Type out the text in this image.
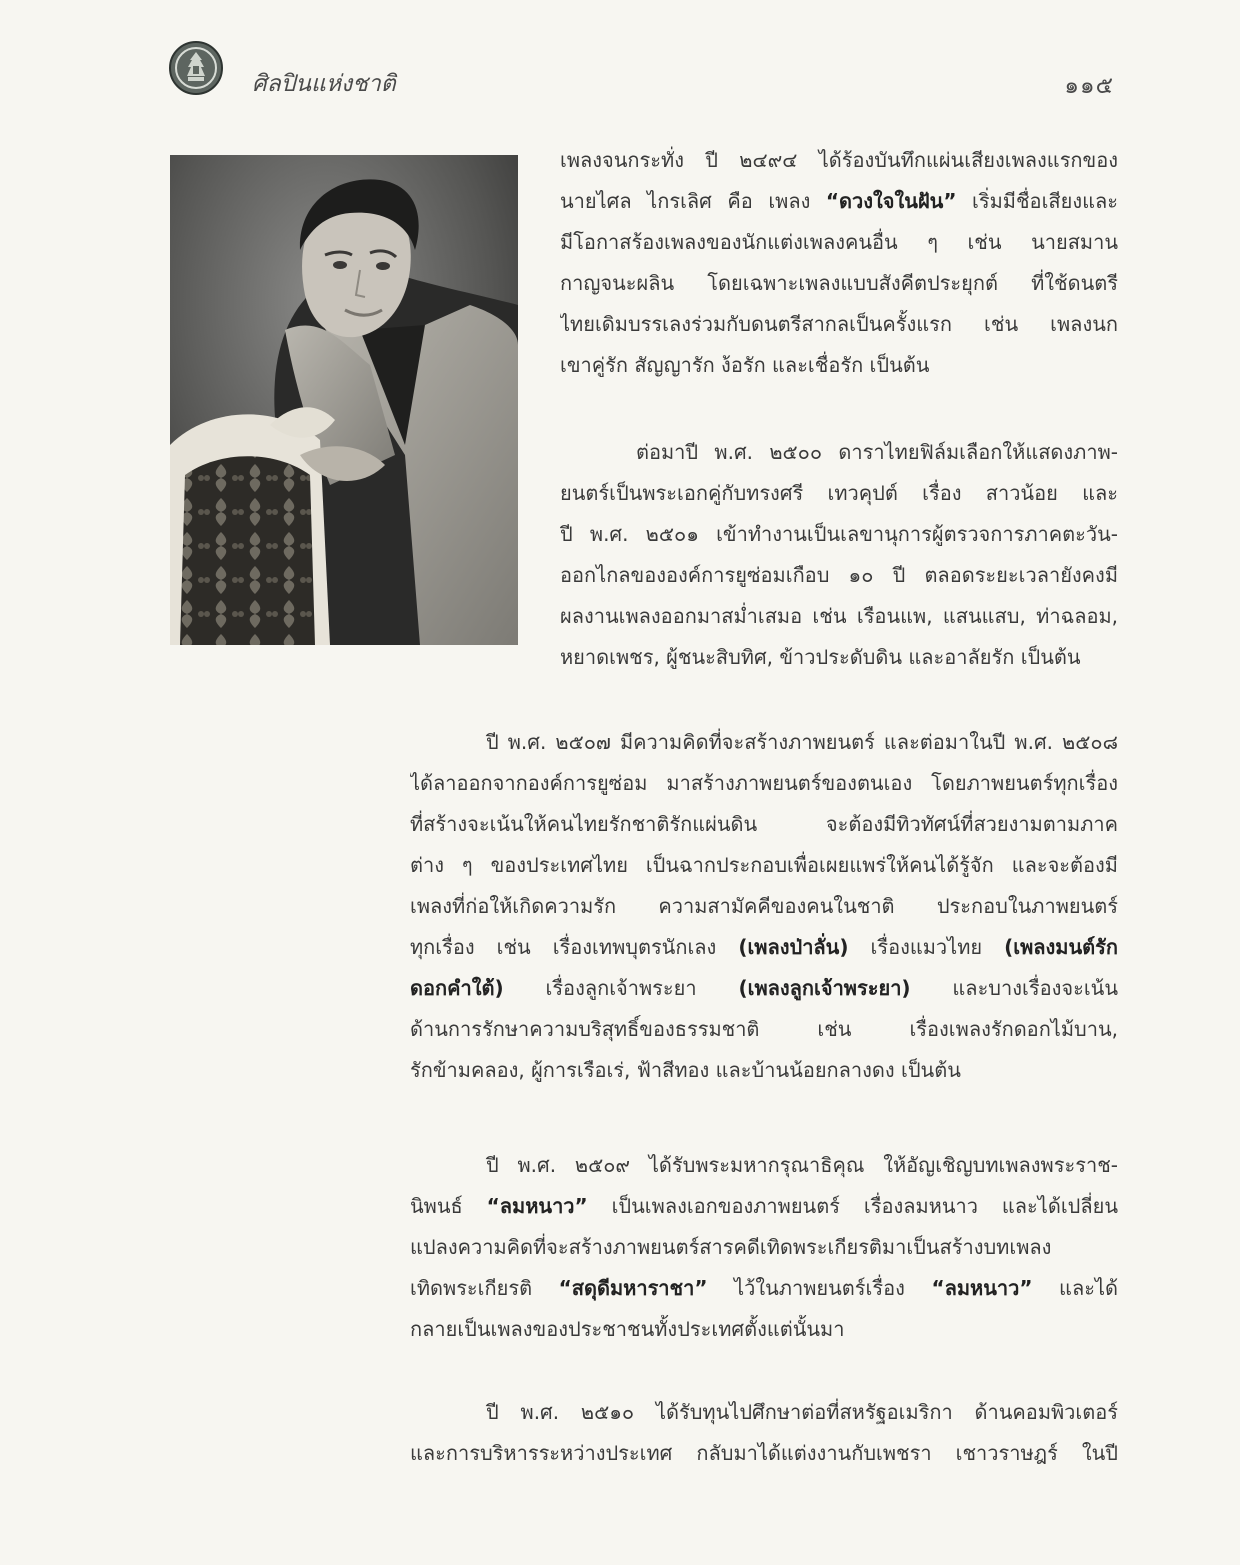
ศิลปินแห่งชาติ	๑๑๕
เพลงจนกระทั่ง ปี ๒๔๙๔ ได้ร้องบันทึกแผ่นเสียงเพลงแรกของ
นายไศล ไกรเลิศ คือ เพลง “ดวงใจในฝัน” เริ่มมีชื่อเสียงและ
มีโอกาสร้องเพลงของนักแต่งเพลงคนอื่น ๆ เช่น นายสมาน
กาญจนะผลิน โดยเฉพาะเพลงแบบสังคีตประยุกต์ ที่ใช้ดนตรี
ไทยเดิมบรรเลงร่วมกับดนตรีสากลเป็นครั้งแรก เช่น เพลงนก
เขาคู่รัก สัญญารัก ง้อรัก และเชื่อรัก เป็นต้น
ต่อมาปี พ.ศ. ๒๕๐๐ ดาราไทยฟิล์มเลือกให้แสดงภาพ-
ยนตร์เป็นพระเอกคู่กับทรงศรี เทวคุปต์ เรื่อง สาวน้อย และ
ปี พ.ศ. ๒๕๐๑ เข้าทำงานเป็นเลขานุการผู้ตรวจการภาคตะวัน-
ออกไกลขององค์การยูซ่อมเกือบ ๑๐ ปี ตลอดระยะเวลายังคงมี
ผลงานเพลงออกมาสม่ำเสมอ เช่น เรือนแพ, แสนแสบ, ท่าฉลอม,
หยาดเพชร, ผู้ชนะสิบทิศ, ข้าวประดับดิน และอาลัยรัก เป็นต้น
ปี พ.ศ. ๒๕๐๗ มีความคิดที่จะสร้างภาพยนตร์ และต่อมาในปี พ.ศ. ๒๕๐๘
ได้ลาออกจากองค์การยูซ่อม มาสร้างภาพยนตร์ของตนเอง โดยภาพยนตร์ทุกเรื่อง
ที่สร้างจะเน้นให้คนไทยรักชาติรักแผ่นดิน จะต้องมีทิวทัศน์ที่สวยงามตามภาค
ต่าง ๆ ของประเทศไทย เป็นฉากประกอบเพื่อเผยแพร่ให้คนได้รู้จัก และจะต้องมี
เพลงที่ก่อให้เกิดความรัก ความสามัคคีของคนในชาติ ประกอบในภาพยนตร์
ทุกเรื่อง เช่น เรื่องเทพบุตรนักเลง (เพลงป่าลั่น) เรื่องแมวไทย (เพลงมนต์รัก
ดอกคำใต้) เรื่องลูกเจ้าพระยา (เพลงลูกเจ้าพระยา) และบางเรื่องจะเน้น
ด้านการรักษาความบริสุทธิ์ของธรรมชาติ เช่น เรื่องเพลงรักดอกไม้บาน,
รักข้ามคลอง, ผู้การเรือเร่, ฟ้าสีทอง และบ้านน้อยกลางดง เป็นต้น
ปี พ.ศ. ๒๕๐๙ ได้รับพระมหากรุณาธิคุณ ให้อัญเชิญบทเพลงพระราช-
นิพนธ์ “ลมหนาว” เป็นเพลงเอกของภาพยนตร์ เรื่องลมหนาว และได้เปลี่ยน
แปลงความคิดที่จะสร้างภาพยนตร์สารคดีเทิดพระเกียรติมาเป็นสร้างบทเพลง
เทิดพระเกียรติ “สดุดีมหาราชา” ไว้ในภาพยนตร์เรื่อง “ลมหนาว” และได้
กลายเป็นเพลงของประชาชนทั้งประเทศตั้งแต่นั้นมา
ปี พ.ศ. ๒๕๑๐ ได้รับทุนไปศึกษาต่อที่สหรัฐอเมริกา ด้านคอมพิวเตอร์
และการบริหารระหว่างประเทศ กลับมาได้แต่งงานกับเพชรา เชาวราษฎร์ ในปี
